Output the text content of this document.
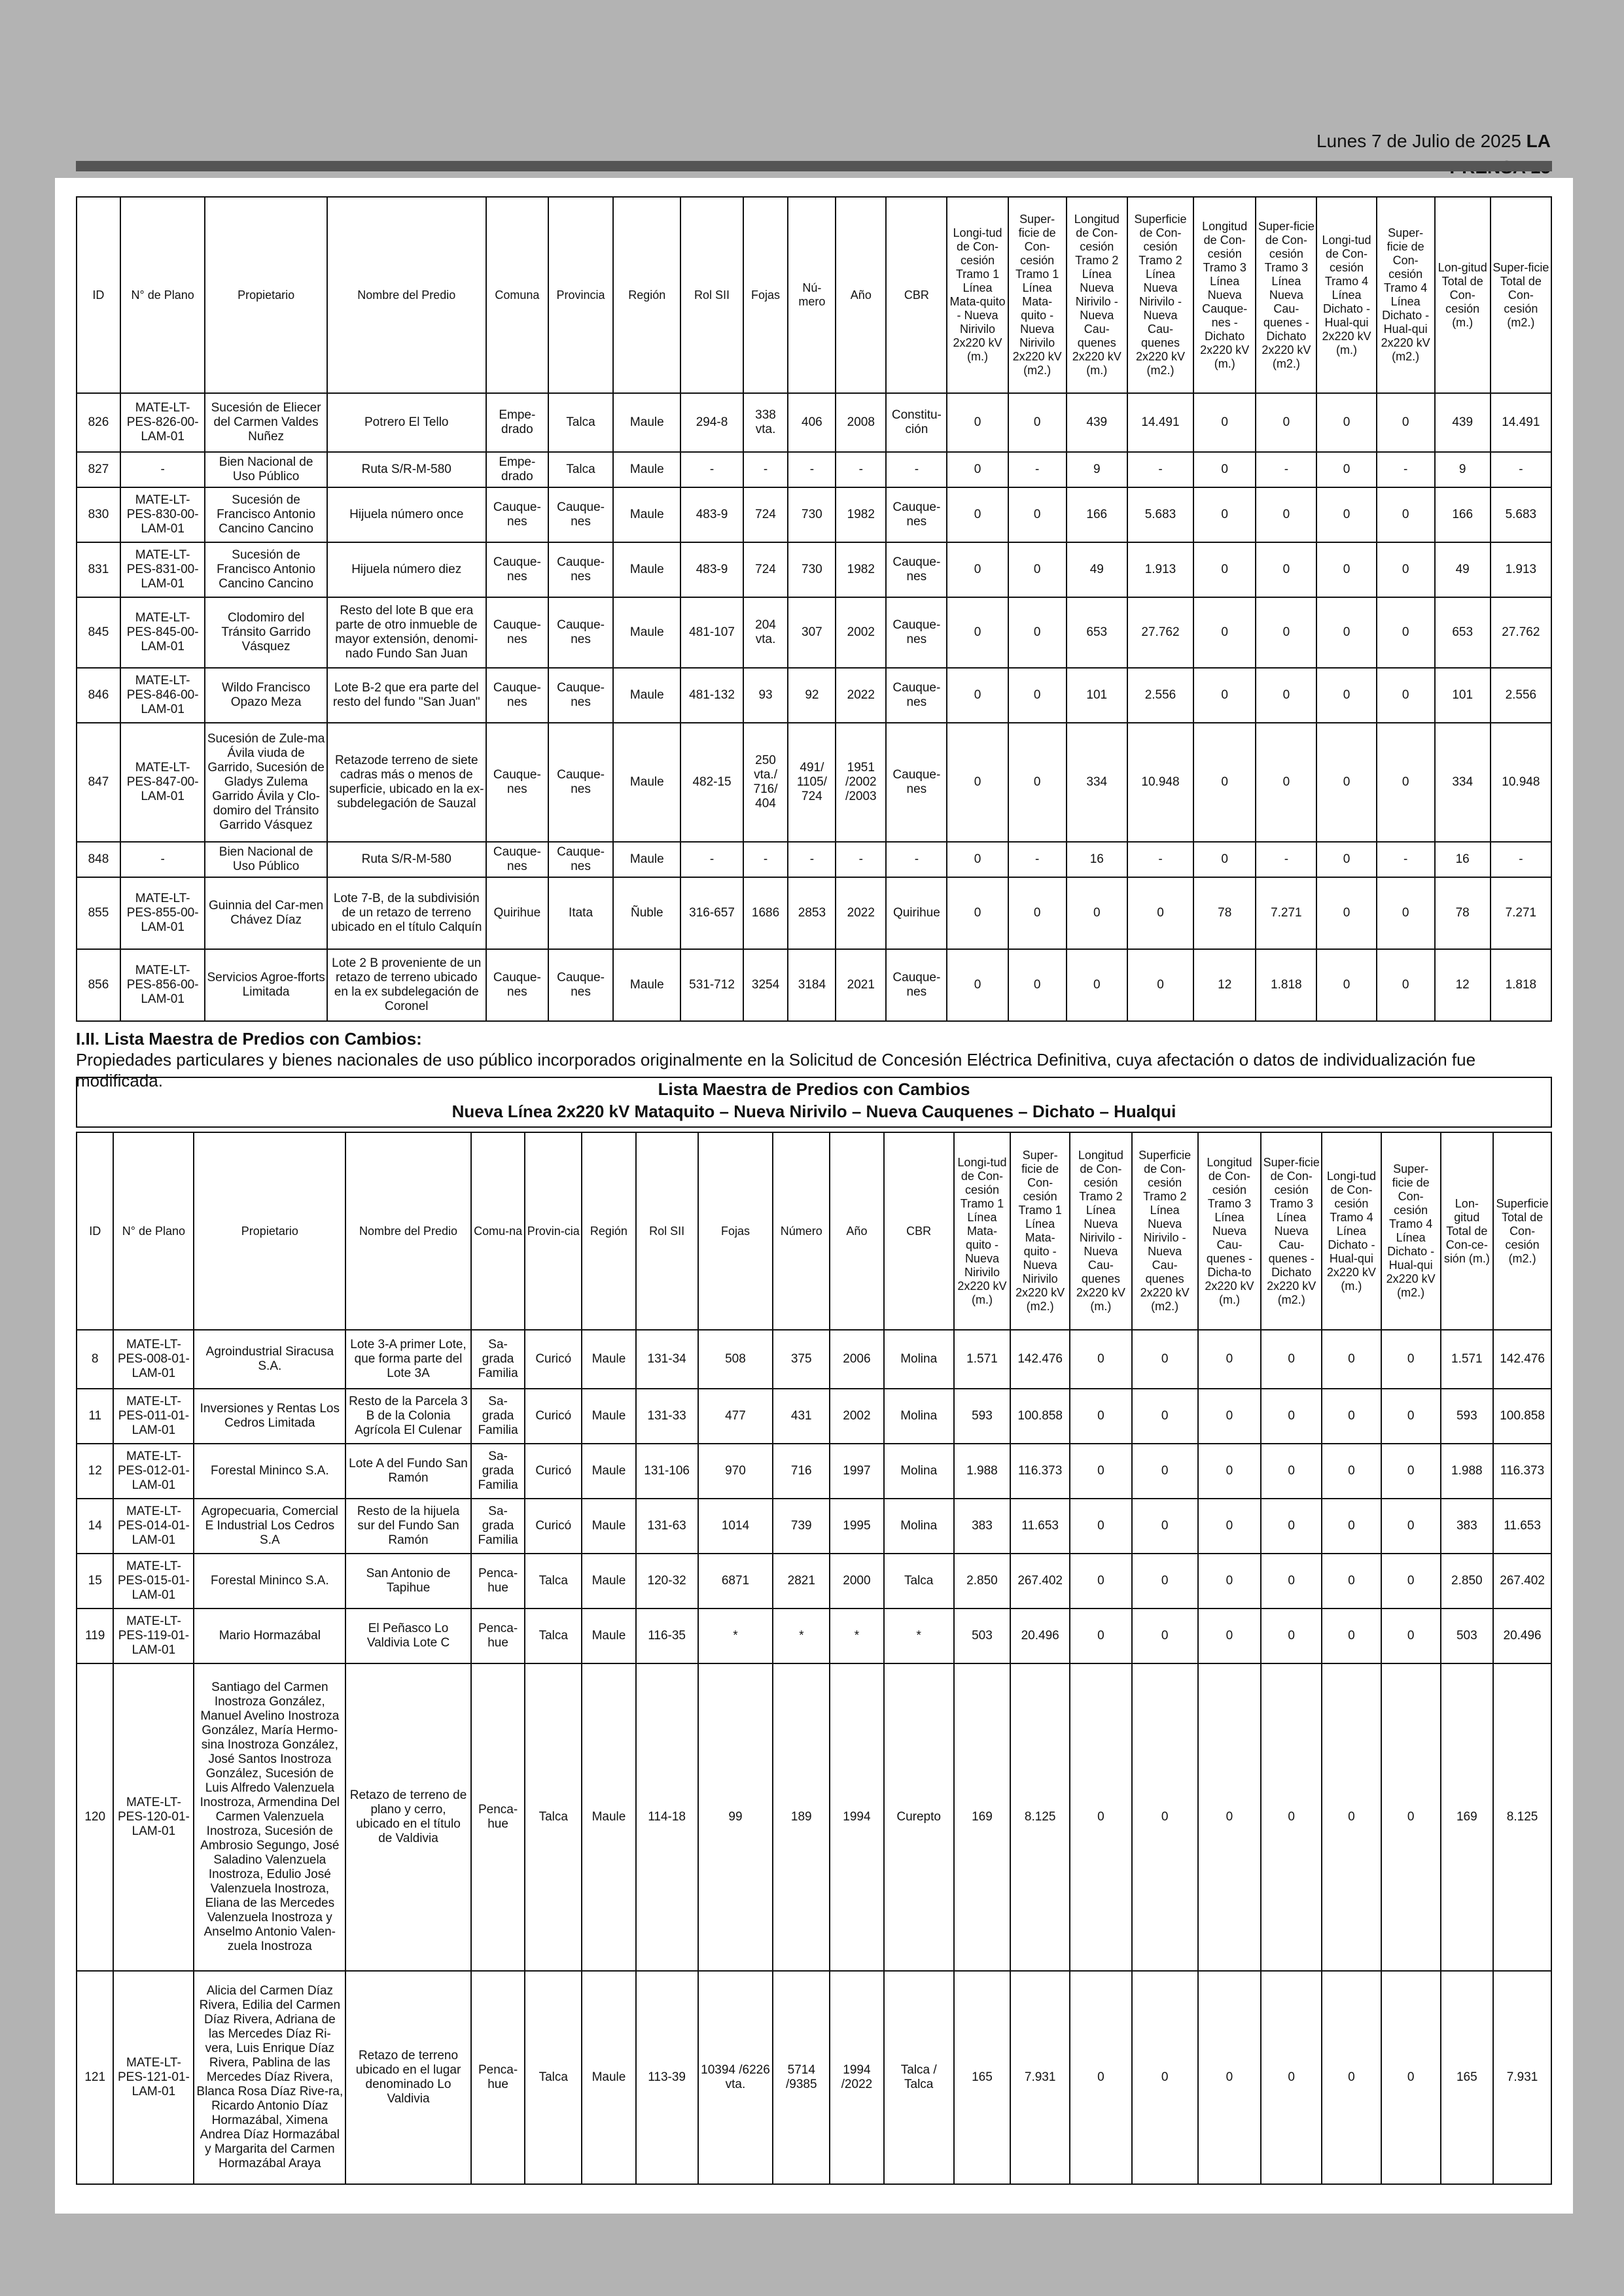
Lunes 7 de Julio de 2025 LA
ID	N° de Plano	Propietario	Nombre del Predio	Comuna	Provincia	Región	Rol SII	Fojas	Nú-mero	Año	CBR	Longi-tud de Con-cesión Tramo 1 Línea Mata-quito - Nueva Nirivilo 2x220 kV (m.)	Super-ficie de Con-cesión Tramo 1 Línea Mata-quito - Nueva Nirivilo 2x220 kV (m2.)	Longitud de Con-cesión Tramo 2 Línea Nueva Nirivilo - Nueva Cau-quenes 2x220 kV (m.)	Superficie de Con-cesión Tramo 2 Línea Nueva Nirivilo - Nueva Cau-quenes 2x220 kV (m2.)	Longitud de Con-cesión Tramo 3 Línea Nueva Cauque-nes - Dichato 2x220 kV (m.)	Super-ficie de Con-cesión Tramo 3 Línea Nueva Cau-quenes - Dichato 2x220 kV (m2.)	Longi-tud de Con-cesión Tramo 4 Línea Dichato - Hual-qui 2x220 kV (m.)	Super-ficie de Con-cesión Tramo 4 Línea Dichato - Hual-qui 2x220 kV (m2.)	Lon-gitud Total de Con-cesión (m.)	Super-ficie Total de Con-cesión (m2.)
826	MATE-LT-PES-826-00-LAM-01	Sucesión de Eliecer del Carmen Valdes Nuñez	Potrero El Tello	Empe-drado	Talca	Maule	294-8	338 vta.	406	2008	Constitu-ción	0	0	439	14.491	0	0	0	0	439	14.491
827	-	Bien Nacional de Uso Público	Ruta S/R-M-580	Empe-drado	Talca	Maule	-	-	-	-	-	0	-	9	-	0	-	0	-	9	-
830	MATE-LT-PES-830-00-LAM-01	Sucesión de Francisco Antonio Cancino Cancino	Hijuela número once	Cauque-nes	Cauque-nes	Maule	483-9	724	730	1982	Cauque-nes	0	0	166	5.683	0	0	0	0	166	5.683
831	MATE-LT-PES-831-00-LAM-01	Sucesión de Francisco Antonio Cancino Cancino	Hijuela número diez	Cauque-nes	Cauque-nes	Maule	483-9	724	730	1982	Cauque-nes	0	0	49	1.913	0	0	0	0	49	1.913
845	MATE-LT-PES-845-00-LAM-01	Clodomiro del Tránsito Garrido Vásquez	Resto del lote B que era parte de otro inmueble de mayor extensión, denomi-nado Fundo San Juan	Cauque-nes	Cauque-nes	Maule	481-107	204 vta.	307	2002	Cauque-nes	0	0	653	27.762	0	0	0	0	653	27.762
846	MATE-LT-PES-846-00-LAM-01	Wildo Francisco Opazo Meza	Lote B-2 que era parte del resto del fundo "San Juan"	Cauque-nes	Cauque-nes	Maule	481-132	93	92	2022	Cauque-nes	0	0	101	2.556	0	0	0	0	101	2.556
847	MATE-LT-PES-847-00-LAM-01	Sucesión de Zule-ma Ávila viuda de Garrido, Sucesión de Gladys Zulema Garrido Ávila y Clo-domiro del Tránsito Garrido Vásquez	Retazode terreno de siete cadras más o menos de superficie, ubicado en la ex-subdelegación de Sauzal	Cauque-nes	Cauque-nes	Maule	482-15	250 vta./ 716/ 404	491/ 1105/ 724	1951 /2002 /2003	Cauque-nes	0	0	334	10.948	0	0	0	0	334	10.948
848	-	Bien Nacional de Uso Público	Ruta S/R-M-580	Cauque-nes	Cauque-nes	Maule	-	-	-	-	-	0	-	16	-	0	-	0	-	16	-
855	MATE-LT-PES-855-00-LAM-01	Guinnia del Car-men Chávez Díaz	Lote 7-B, de la subdivisión de un retazo de terreno ubicado en el título Calquín	Quirihue	Itata	Ñuble	316-657	1686	2853	2022	Quirihue	0	0	0	0	78	7.271	0	0	78	7.271
856	MATE-LT-PES-856-00-LAM-01	Servicios Agroe-fforts Limitada	Lote 2 B proveniente de un retazo de terreno ubicado en la ex subdelegación de Coronel	Cauque-nes	Cauque-nes	Maule	531-712	3254	3184	2021	Cauque-nes	0	0	0	0	12	1.818	0	0	12	1.818
I.II. Lista Maestra de Predios con Cambios:
Propiedades particulares y bienes nacionales de uso público incorporados originalmente en la Solicitud de Concesión Eléctrica Definitiva, cuya afectación o datos de individualización fue modificada.	Lista Maestra de Predios con Cambios
Nueva Línea 2x220 kV Mataquito – Nueva Nirivilo – Nueva Cauquenes – Dichato – Hualqui
ID	N° de Plano	Propietario	Nombre del Predio	Comu-na	Provin-cia	Región	Rol SII	Fojas	Número	Año	CBR	Longi-tud de Con-cesión Tramo 1 Línea Mata-quito - Nueva Nirivilo 2x220 kV (m.)	Super-ficie de Con-cesión Tramo 1 Línea Mata-quito - Nueva Nirivilo 2x220 kV (m2.)	Longitud de Con-cesión Tramo 2 Línea Nueva Nirivilo - Nueva Cau-quenes 2x220 kV (m.)	Superficie de Con-cesión Tramo 2 Línea Nueva Nirivilo - Nueva Cau-quenes 2x220 kV (m2.)	Longitud de Con-cesión Tramo 3 Línea Nueva Cau-quenes - Dicha-to 2x220 kV (m.)	Super-ficie de Con-cesión Tramo 3 Línea Nueva Cau-quenes - Dichato 2x220 kV (m2.)	Longi-tud de Con-cesión Tramo 4 Línea Dichato - Hual-qui 2x220 kV (m.)	Super-ficie de Con-cesión Tramo 4 Línea Dichato - Hual-qui 2x220 kV (m2.)	Lon-gitud Total de Con-ce-sión (m.)	Superficie Total de Con-cesión (m2.)
8	MATE-LT-PES-008-01-LAM-01	Agroindustrial Siracusa S.A.	Lote 3-A primer Lote, que forma parte del Lote 3A	Sa-grada Familia	Curicó	Maule	131-34	508	375	2006	Molina	1.571	142.476	0	0	0	0	0	0	1.571	142.476
11	MATE-LT-PES-011-01-LAM-01	Inversiones y Rentas Los Cedros Limitada	Resto de la Parcela 3 B de la Colonia Agrícola El Culenar	Sa-grada Familia	Curicó	Maule	131-33	477	431	2002	Molina	593	100.858	0	0	0	0	0	0	593	100.858
12	MATE-LT-PES-012-01-LAM-01	Forestal Mininco S.A.	Lote A del Fundo San Ramón	Sa-grada Familia	Curicó	Maule	131-106	970	716	1997	Molina	1.988	116.373	0	0	0	0	0	0	1.988	116.373
14	MATE-LT-PES-014-01-LAM-01	Agropecuaria, Comercial E Industrial Los Cedros S.A	Resto de la hijuela sur del Fundo San Ramón	Sa-grada Familia	Curicó	Maule	131-63	1014	739	1995	Molina	383	11.653	0	0	0	0	0	0	383	11.653
15	MATE-LT-PES-015-01-LAM-01	Forestal Mininco S.A.	San Antonio de Tapihue	Penca-hue	Talca	Maule	120-32	6871	2821	2000	Talca	2.850	267.402	0	0	0	0	0	0	2.850	267.402
119	MATE-LT-PES-119-01-LAM-01	Mario Hormazábal	El Peñasco Lo Valdivia Lote C	Penca-hue	Talca	Maule	116-35	*	*	*	*	503	20.496	0	0	0	0	0	0	503	20.496
120	MATE-LT-PES-120-01-LAM-01	Santiago del Carmen Inostroza González, Manuel Avelino Inostroza González, María Hermo-sina Inostroza González, José Santos Inostroza González, Sucesión de Luis Alfredo Valenzuela Inostroza, Armendina Del Carmen Valenzuela Inostroza, Sucesión de Ambrosio Segungo, José Saladino Valenzuela Inostroza, Edulio José Valenzuela Inostroza, Eliana de las Mercedes Valenzuela Inostroza y Anselmo Antonio Valen-zuela Inostroza	Retazo de terreno de plano y cerro, ubicado en el título de Valdivia	Penca-hue	Talca	Maule	114-18	99	189	1994	Curepto	169	8.125	0	0	0	0	0	0	169	8.125
121	MATE-LT-PES-121-01-LAM-01	Alicia del Carmen Díaz Rivera, Edilia del Carmen Díaz Rivera, Adriana de las Mercedes Díaz Ri-vera, Luis Enrique Díaz Rivera, Pablina de las Mercedes Díaz Rivera, Blanca Rosa Díaz Rive-ra, Ricardo Antonio Díaz Hormazábal, Ximena Andrea Díaz Hormazábal y Margarita del Carmen Hormazábal Araya	Retazo de terreno ubicado en el lugar denominado Lo Valdivia	Penca-hue	Talca	Maule	113-39	10394 /6226 vta.	5714 /9385	1994 /2022	Talca / Talca	165	7.931	0	0	0	0	0	0	165	7.931
